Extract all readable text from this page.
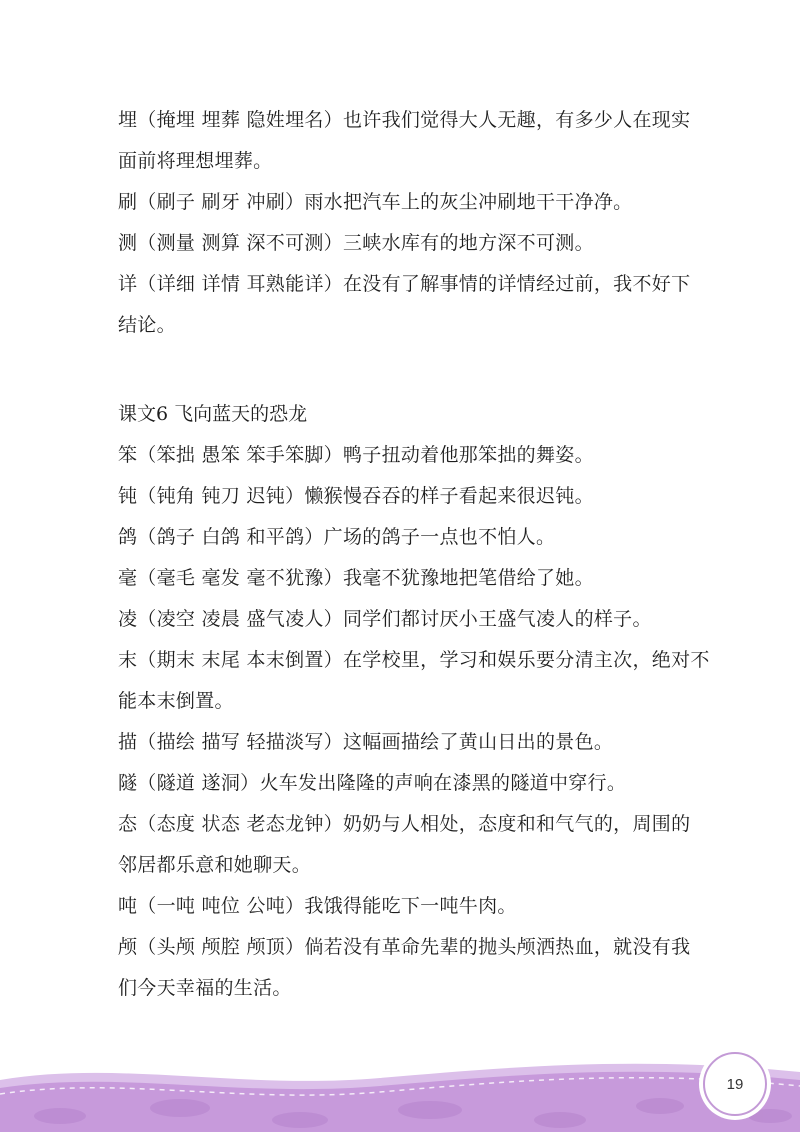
埋（掩埋 埋葬 隐姓埋名）也许我们觉得大人无趣，有多少人在现实
面前将理想埋葬。
刷（刷子 刷牙 冲刷）雨水把汽车上的灰尘冲刷地干干净净。
测（测量 测算 深不可测）三峡水库有的地方深不可测。
详（详细 详情 耳熟能详）在没有了解事情的详情经过前，我不好下
结论。
课文6 飞向蓝天的恐龙
笨（笨拙 愚笨 笨手笨脚）鸭子扭动着他那笨拙的舞姿。
钝（钝角 钝刀 迟钝）懒猴慢吞吞的样子看起来很迟钝。
鸽（鸽子 白鸽 和平鸽）广场的鸽子一点也不怕人。
毫（毫毛 毫发 毫不犹豫）我毫不犹豫地把笔借给了她。
凌（凌空 凌晨 盛气凌人）同学们都讨厌小王盛气凌人的样子。
末（期末 末尾 本末倒置）在学校里，学习和娱乐要分清主次，绝对不
能本末倒置。
描（描绘 描写 轻描淡写）这幅画描绘了黄山日出的景色。
隧（隧道 遂洞）火车发出隆隆的声响在漆黑的隧道中穿行。
态（态度 状态 老态龙钟）奶奶与人相处，态度和和气气的，周围的
邻居都乐意和她聊天。
吨（一吨 吨位 公吨）我饿得能吃下一吨牛肉。
颅（头颅 颅腔 颅顶）倘若没有革命先辈的抛头颅洒热血，就没有我
们今天幸福的生活。
19
